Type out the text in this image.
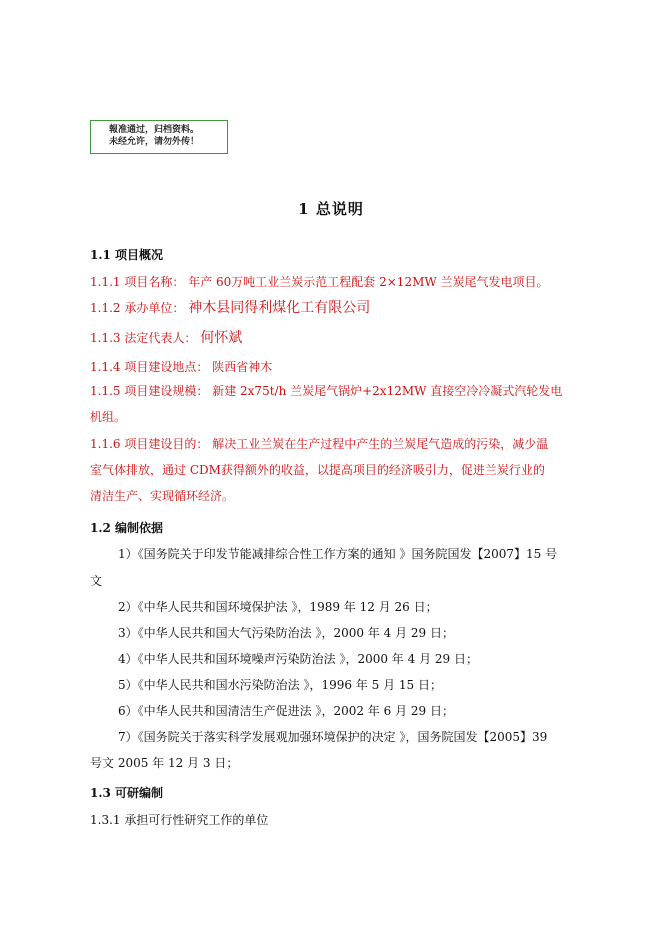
報准通过，归档资料。
未经允许，请勿外传！
1 总说明
1.1 项目概况
1.1.1 项目名称： 年产 60万吨工业兰炭示范工程配套 2×12MW 兰炭尾气发电项目。
1.1.2 承办单位： 神木县同得利煤化工有限公司
1.1.3 法定代表人： 何怀斌
1.1.4 项目建设地点： 陕西省神木
1.1.5 项目建设规模： 新建 2x75t/h 兰炭尾气锅炉+2x12MW 直接空冷冷凝式汽轮发电
机组。
1.1.6 项目建设目的： 解决工业兰炭在生产过程中产生的兰炭尾气造成的污染，减少温
室气体排放，通过 CDM获得额外的收益，以提高项目的经济吸引力，促进兰炭行业的
清洁生产、实现循环经济。
1.2 编制依据
1）《国务院关于印发节能减排综合性工作方案的通知 》国务院国发【2007】15 号
文
2）《中华人民共和国环境保护法 》，1989 年 12 月 26 日；
3）《中华人民共和国大气污染防治法 》，2000 年 4 月 29 日；
4）《中华人民共和国环境噪声污染防治法 》，2000 年 4 月 29 日；
5）《中华人民共和国水污染防治法 》，1996 年 5 月 15 日；
6）《中华人民共和国清洁生产促进法 》，2002 年 6 月 29 日；
7）《国务院关于落实科学发展观加强环境保护的决定 》，国务院国发【2005】39
号文 2005 年 12 月 3 日；
1.3 可研编制
1.3.1 承担可行性研究工作的单位
